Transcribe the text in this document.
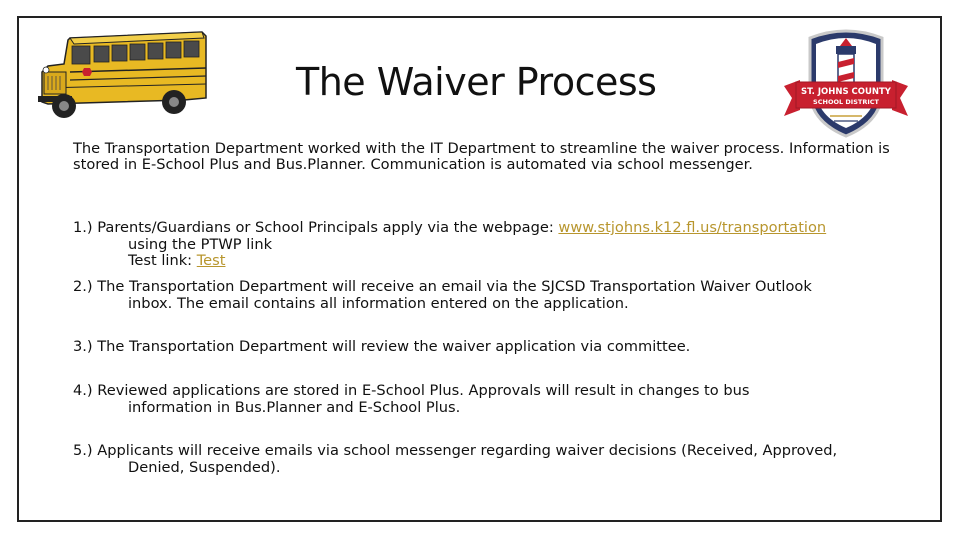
ST. JOHNS COUNTY
SCHOOL DISTRICT
The Waiver Process
The Transportation Department worked with the IT Department to streamline the waiver process. Information is stored in E-School Plus and Bus.Planner. Communication is automated via school messenger.
1.) Parents/Guardians or School Principals apply via the webpage: www.stjohns.k12.fl.us/transportation
using the PTWP link
Test link: Test
2.) The Transportation Department will receive an email via the SJCSD Transportation Waiver Outlook
inbox. The email contains all information entered on the application.
3.) The Transportation Department will review the waiver application via committee.
4.) Reviewed applications are stored in E-School Plus. Approvals will result in changes to bus
information in Bus.Planner and E-School Plus.
5.) Applicants will receive emails via school messenger regarding waiver decisions (Received, Approved,
Denied, Suspended).
